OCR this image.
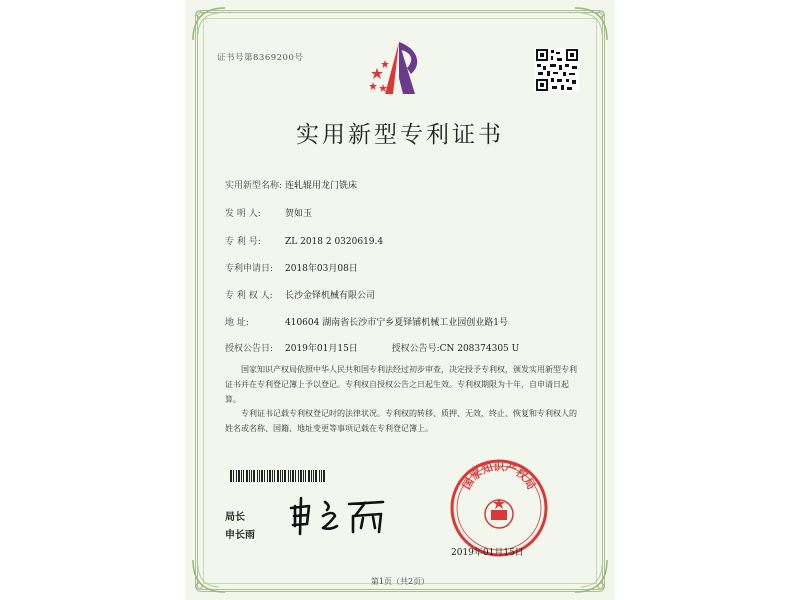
证书号第8369200号
实用新型专利证书
实用新型名称: 连轧辊用龙门铣床
发 明 人:	贺如玉
专 利 号:	ZL 2018 2 0320619.4
专利申请日: 2018年03月08日
专 利 权 人: 长沙金铎机械有限公司
地 址:	410604 湖南省长沙市宁乡夏铎铺机械工业园创业路1号
授权公告日: 2019年01月15日	授权公告号:CN 208374305 U
国家知识产权局依照中华人民共和国专利法经过初步审查，决定授予专利权，颁发实用新型专利证书并在专利登记簿上予以登记。专利权自授权公告之日起生效。专利权期限为十年，自申请日起算。
专利证书记载专利权登记时的法律状况。专利权的转移、质押、无效、终止、恢复和专利权人的姓名或名称、国籍、地址变更等事项记载在专利登记簿上。
局长
申长雨
国家知识产权局
2019年01月15日
第1页（共2页）
